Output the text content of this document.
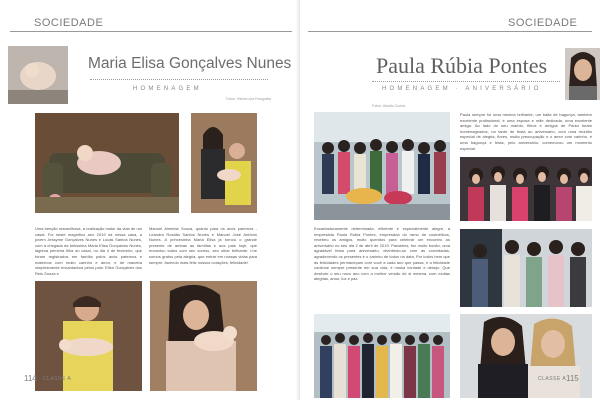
SOCIEDADE
Maria Elisa Gonçalves Nunes
HOMENAGEM
Fotos: Vitória Lina Fotografia
Uma benção maravilhosa, a realização maior da vida de um casal. Foi neste magnífico ano 2019 na nossa casa, a jovem Jessyme Gonçalves Nunes e Lucas Santos Nunes, com a chegada da belíssima Maria Elisa Gonçalves Nunes, lágrima primeira filha do casal, no dia 4 de fevereiro, que foram registrados em família pelos avós paternos e maternos com muito carinho e amor, e de maneira simplesmente encantadora pelos pais: Ellen Gonçalves dos Reis Souza e
Manoel Almeida Souza, quanto para os avós paternos - Leandra Rosália Santos Nunes e Manoel José Antônio Nunes. A princesinha Maria Elisa já tornou o grande presente de ambas as famílias e aos pais hoje, que encantou todos com seu sorriso, seu olhar brilhante. Lhe somos gratos pela alegria, que entrar em nossas vidas para sempre, fazendo mais feliz nossos corações, felicidade!
114 CLASSE A
SOCIEDADE
Paula Rúbia Pontes
HOMENAGEM · ANIVERSÁRIO
Fotos: Ubaldo Cunha
Paula sempre foi uma menina brilhante, um baita de bagunça, também excelente profissional, é uma esposa e mãe dedicada, uma excelente amiga. Ao lado do seu marido, filhos e amigos de Paula foram homenageados, na tarde de festa ao aniversário, com uma reunião especial de alegria, flores, muita preocupação e o amor com carinho, é uma bagunça e festa; pelo aniversário, comemorou um momento especial.
Encantadoramente determinada, eficiente e especialmente alegre, a empresária Paula Rúbia Pontes, empresária do ramo de cosméticos, recebeu os amigos, muito queridos para celebrar um encontro ao aniversário no seu dia 2 de abril de 2019. Parabéns, fez muito bonito, uma agradável festa para aniversário, divertindo-se com as convidadas, agradecendo os presentes e o carinho de todos na data. Por todos bem que as felicidades permaneçam com você a cada ano que passa, e a felicidade continue sempre presente em sua vida, é nossa vontade e desejo. Que desfrute o seu novo ano com a melhor versão de si mesma, com muitas alegrias, amor, luz e paz.
CLASSE A 115
